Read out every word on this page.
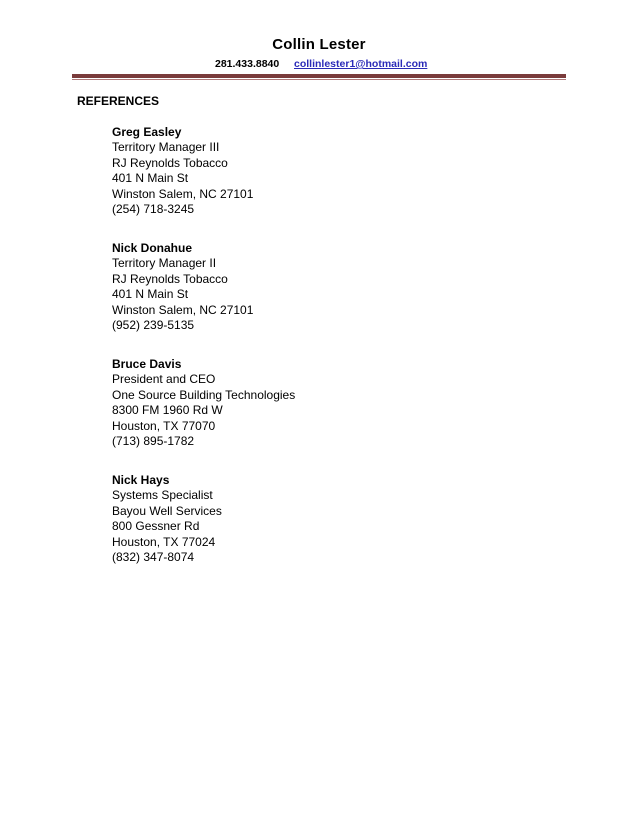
Collin Lester
281.433.8840 collinlester1@hotmail.com
REFERENCES
Greg Easley
Territory Manager III
RJ Reynolds Tobacco
401 N Main St
Winston Salem, NC 27101
(254) 718-3245
Nick Donahue
Territory Manager II
RJ Reynolds Tobacco
401 N Main St
Winston Salem, NC 27101
(952) 239-5135
Bruce Davis
President and CEO
One Source Building Technologies
8300 FM 1960 Rd W
Houston, TX 77070
(713) 895-1782
Nick Hays
Systems Specialist
Bayou Well Services
800 Gessner Rd
Houston, TX 77024
(832) 347-8074
